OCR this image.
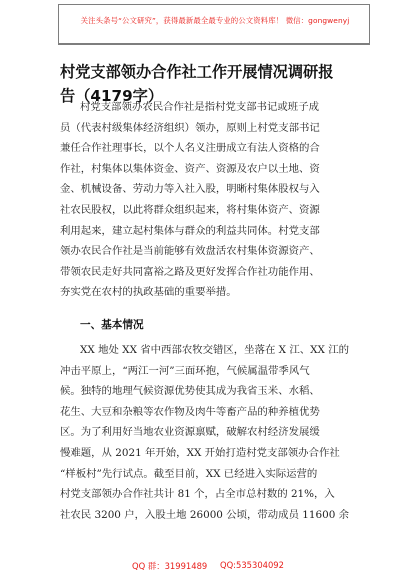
关注头条号“公文研究”，获得最新最全最专业的公文资料库！ 微信：gongwenyj
村党支部领办合作社工作开展情况调研报
告（4179字）
村党支部领办农民合作社是指村党支部书记或班子成
员（代表村级集体经济组织）领办，原则上村党支部书记
兼任合作社理事长，以个人名义注册成立有法人资格的合
作社，村集体以集体资金、资产、资源及农户以土地、资
金、机械设备、劳动力等入社入股，明晰村集体股权与入
社农民股权，以此将群众组织起来，将村集体资产、资源
利用起来，建立起村集体与群众的利益共同体。村党支部
领办农民合作社是当前能够有效盘活农村集体资源资产、
带领农民走好共同富裕之路及更好发挥合作社功能作用、
夯实党在农村的执政基础的重要举措。
一、基本情况
XX 地处 XX 省中西部农牧交错区，坐落在 X 江、XX 江的
冲击平原上，“两江一河”三面环抱，气候属温带季风气
候。独特的地理气候资源优势使其成为我省玉米、水稻、
花生、大豆和杂粮等农作物及肉牛等畜产品的种养植优势
区。为了利用好当地农业资源禀赋，破解农村经济发展缓
慢难题，从 2021 年开始，XX 开始打造村党支部领办合作社
“样板村”先行试点。截至目前，XX 已经进入实际运营的
村党支部领办合作社共计 81 个，占全市总村数的 21%，入
社农民 3200 户，入股土地 26000 公顷，带动成员 11600 余
QQ 群：31991489 QQ:535304092
